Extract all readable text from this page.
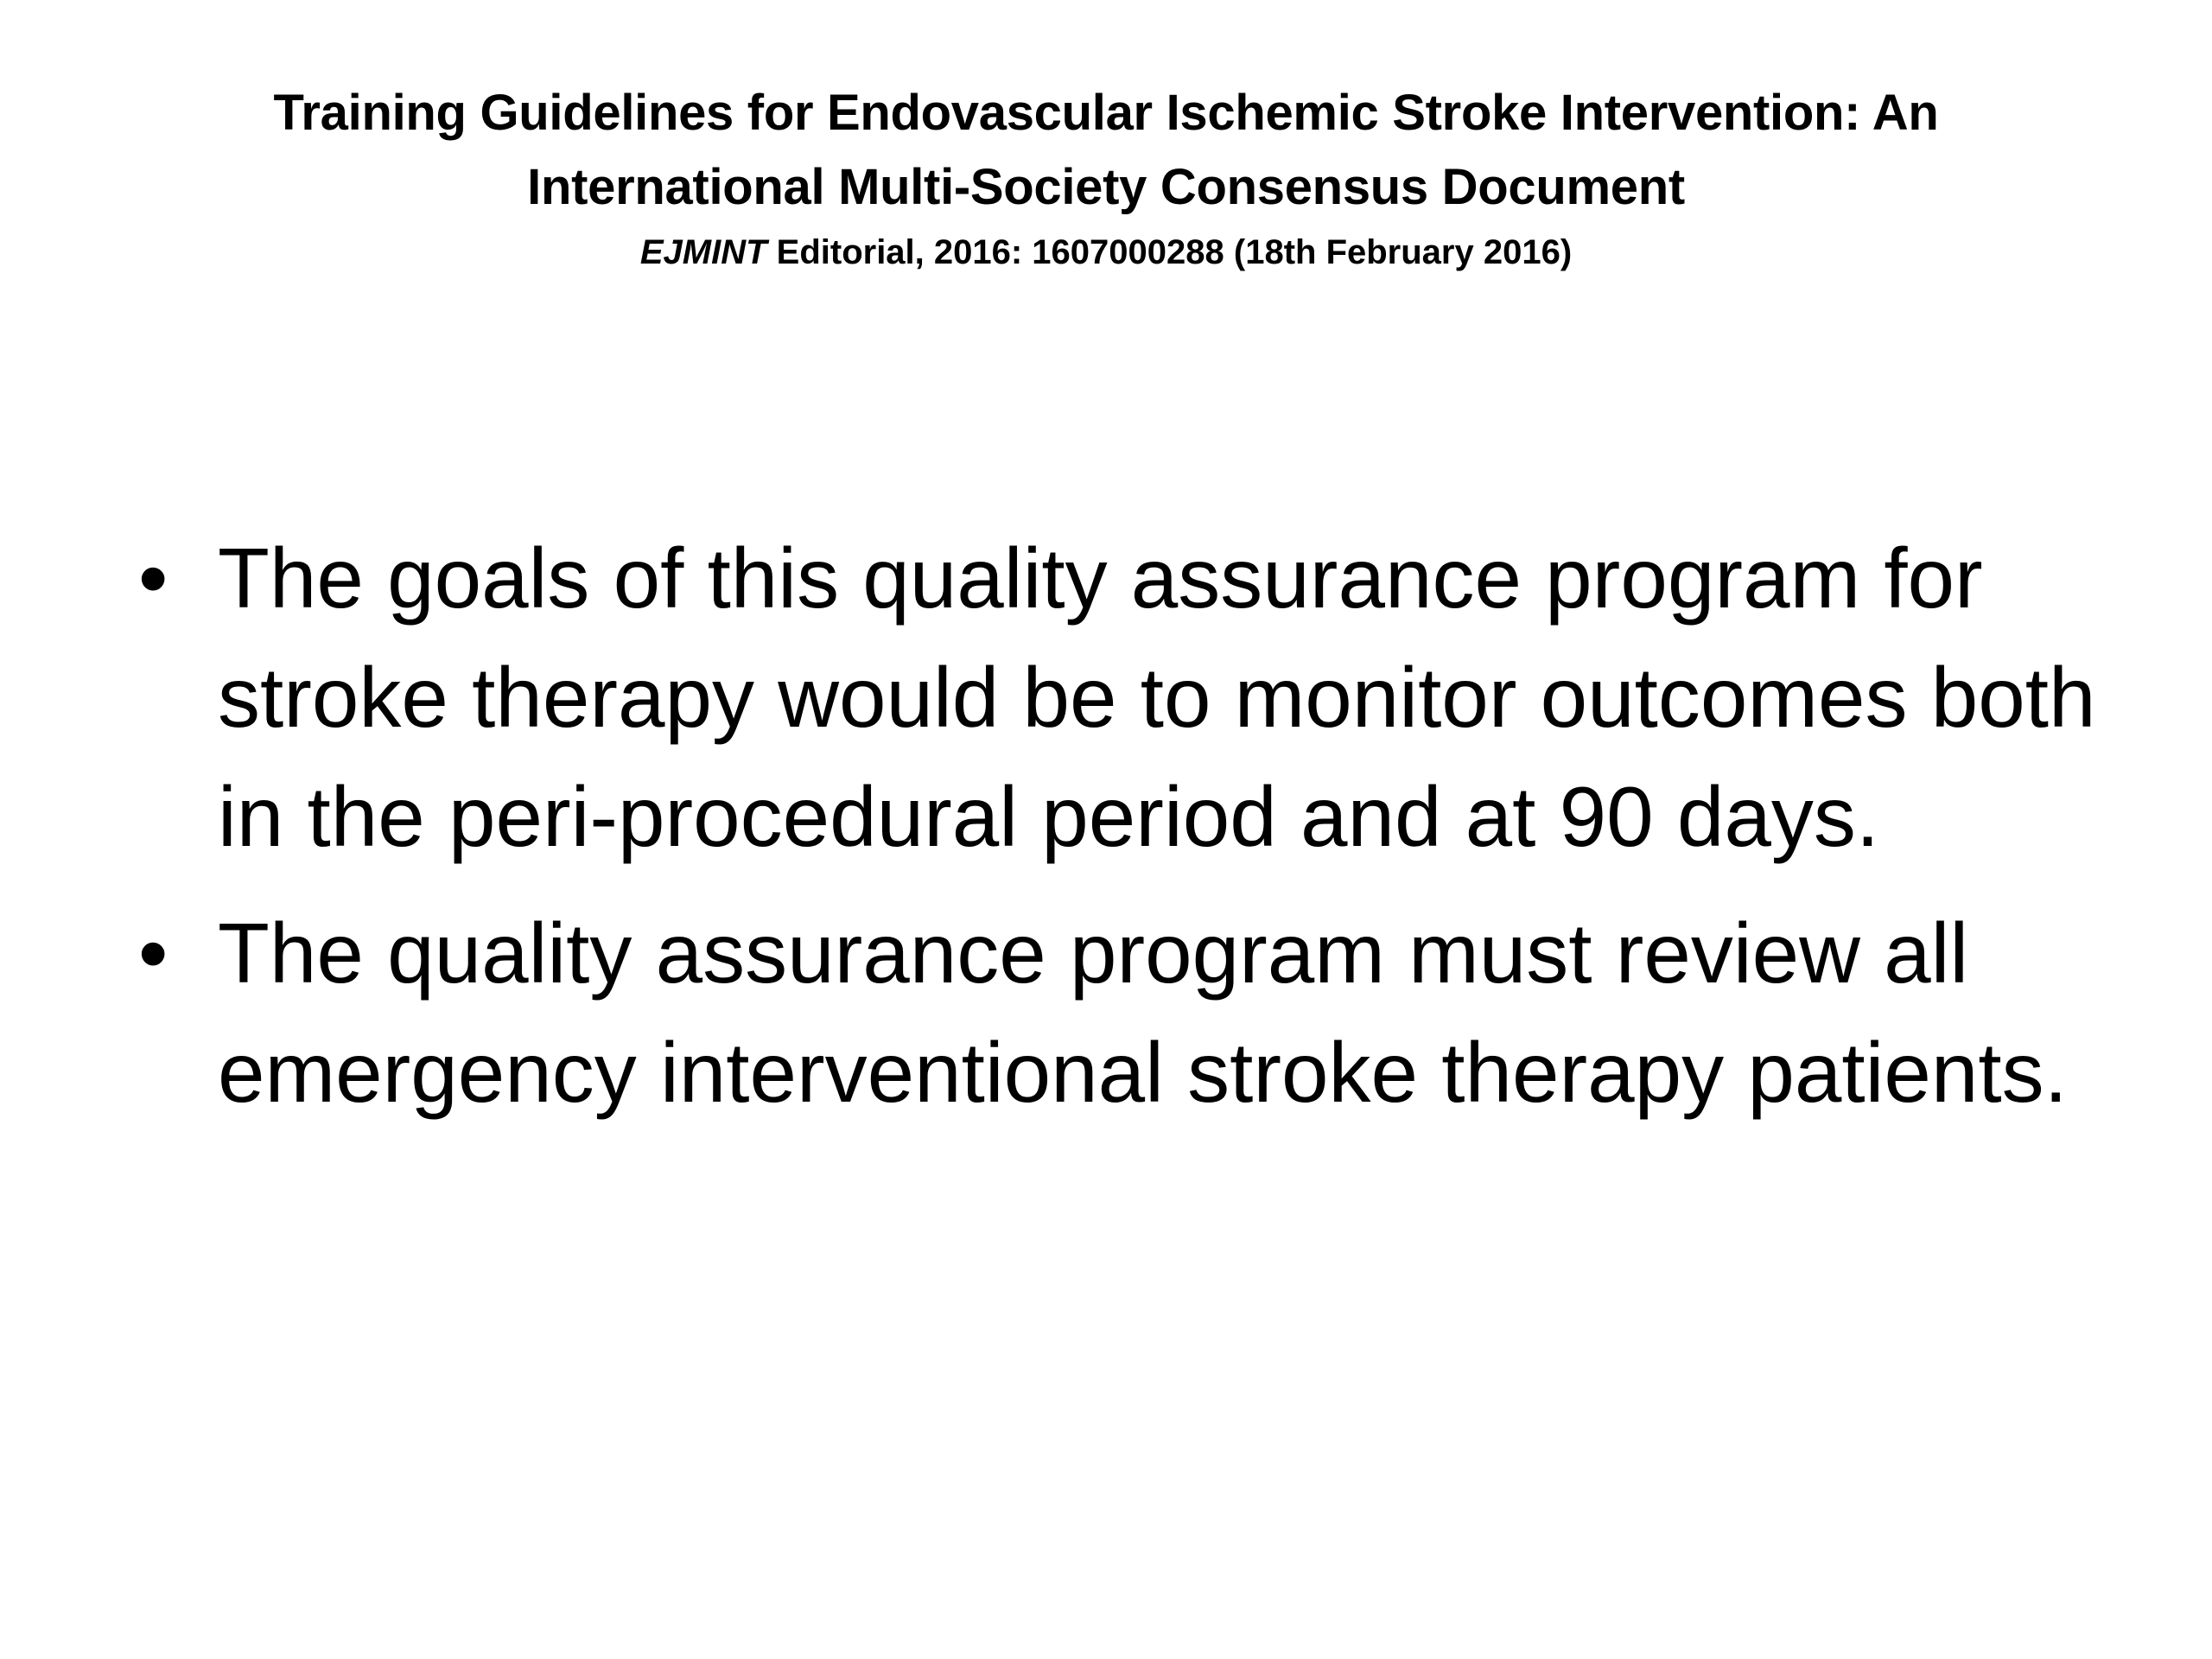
Training Guidelines for Endovascular Ischemic Stroke Intervention: An International Multi-Society Consensus Document

EJMINT Editorial, 2016: 1607000288 (18th February 2016)

• The goals of this quality assurance program for stroke therapy would be to monitor outcomes both in the peri-procedural period and at 90 days.
• The quality assurance program must review all emergency interventional stroke therapy patients.
